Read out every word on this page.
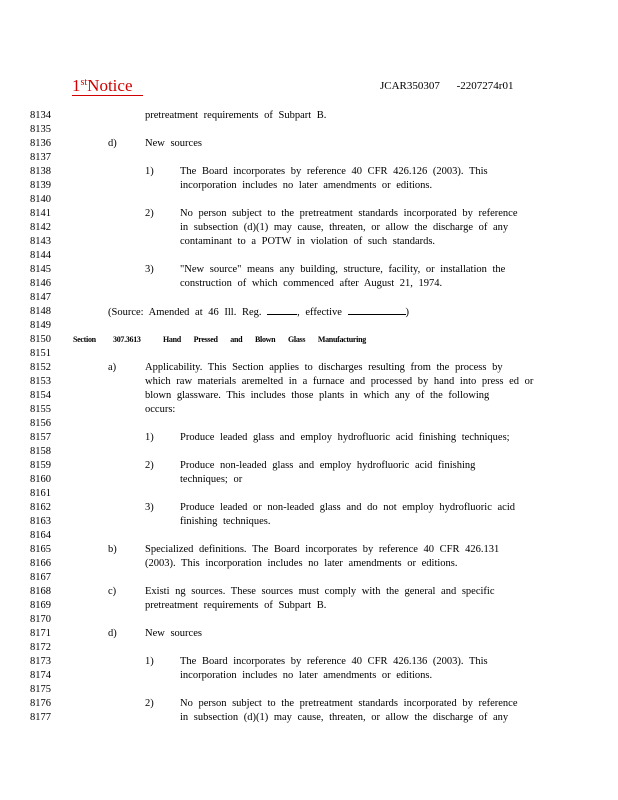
1stNotice	JCAR350307 -2207274r01
8134	pretreatment requirements of Subpart B.
8135
8136	d)	New sources
8137
8138	1)	The Board incorporates by reference 40 CFR 426.126 (2003). This
8139	incorporation includes no later amendments or editions.
8140
8141	2)	No person subject to the pretreatment standards incorporated by reference
8142	in subsection (d)(1) may cause, threaten, or allow the discharge of any
8143	contaminant to a POTW in violation of such standards.
8144
8145	3)	"New source" means any building, structure, facility, or installation the
8146	construction of which commenced after August 21, 1974.
8147
8148	(Source: Amended at 46 Ill. Reg.	, effective	)
8149
8150	Section 307.3613	Hand Pressed and Blown Glass Manufacturing
8151
8152	a)	Applicability. This Section applies to discharges resulting from the process by
8153	which raw materials aremelted in a furnace and processed by hand into press ed or
8154	blown glassware. This includes those plants in which any of the following
8155	occurs:
8156
8157	1)	Produce leaded glass and employ hydrofluoric acid finishing techniques;
8158
8159	2)	Produce non-leaded glass and employ hydrofluoric acid finishing
8160	techniques; or
8161
8162	3)	Produce leaded or non-leaded glass and do not employ hydrofluoric acid
8163	finishing techniques.
8164
8165	b)	Specialized definitions. The Board incorporates by reference 40 CFR 426.131
8166	(2003). This incorporation includes no later amendments or editions.
8167
8168	c)	Existi ng sources. These sources must comply with the general and specific
8169	pretreatment requirements of Subpart B.
8170
8171	d)	New sources
8172
8173	1)	The Board incorporates by reference 40 CFR 426.136 (2003). This
8174	incorporation includes no later amendments or editions.
8175
8176	2)	No person subject to the pretreatment standards incorporated by reference
8177	in subsection (d)(1) may cause, threaten, or allow the discharge of any
